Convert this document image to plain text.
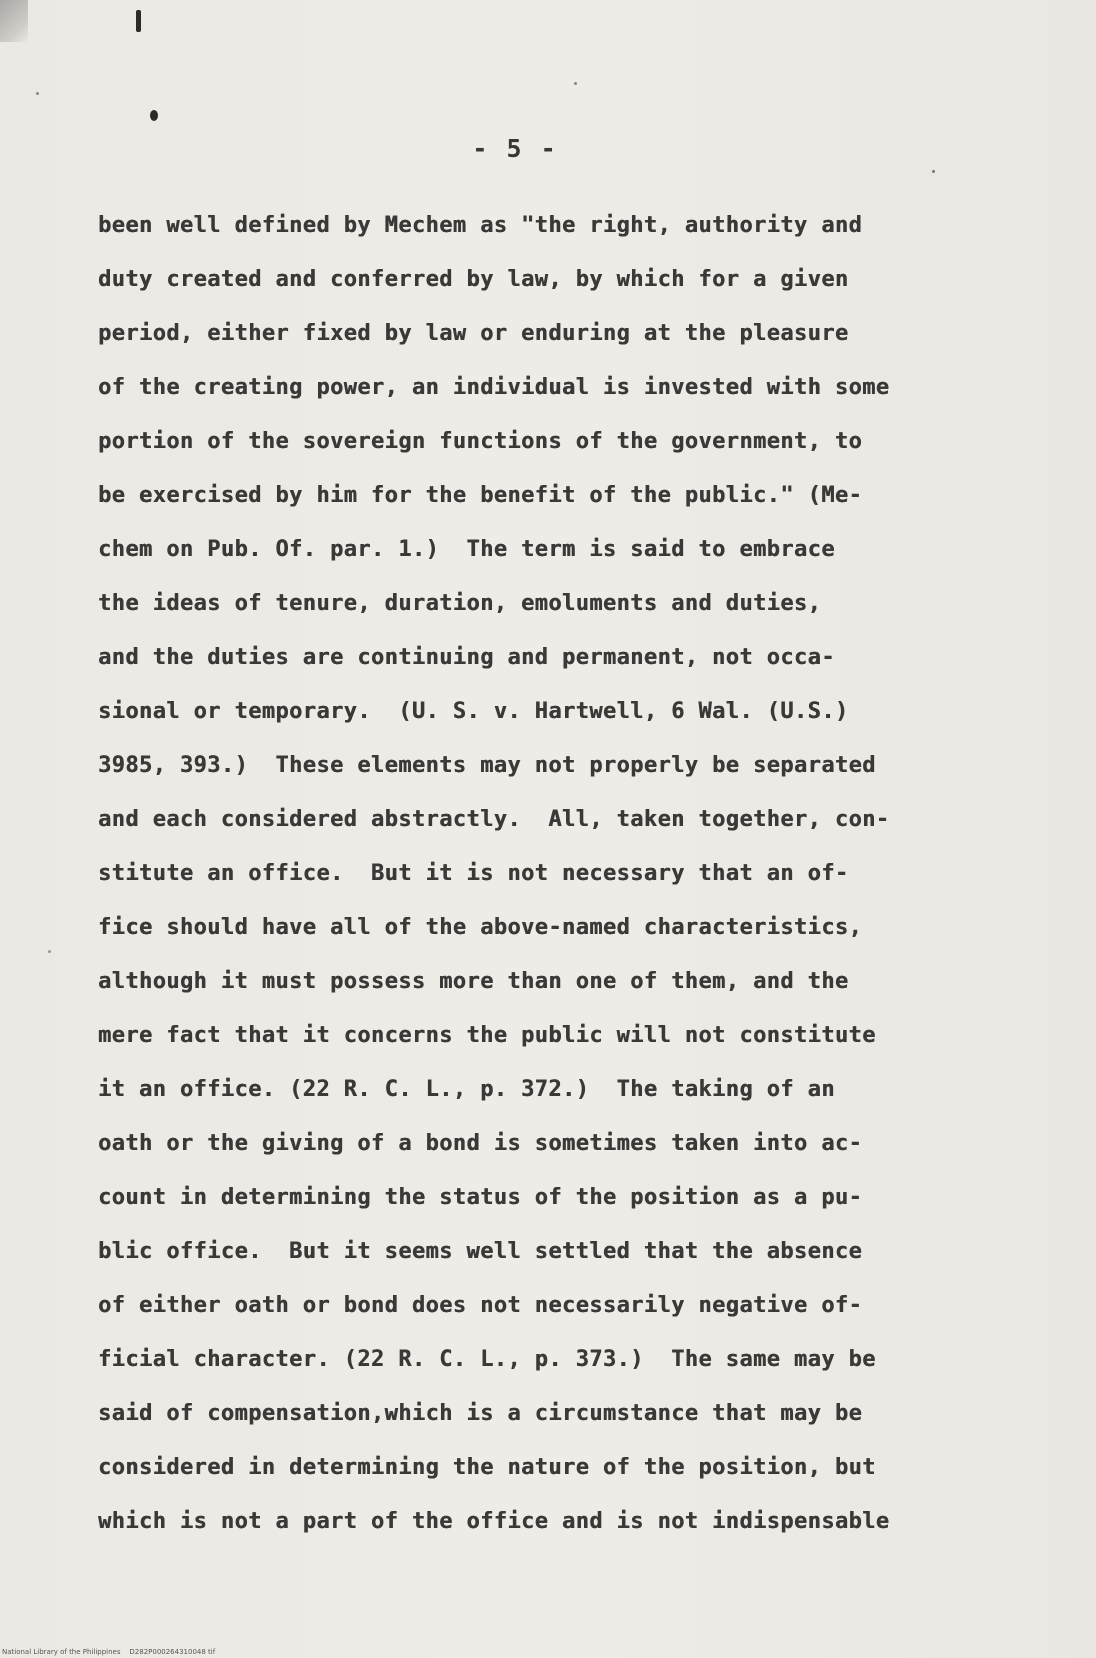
- 5 -
been well defined by Mechem as "the right, authority and
duty created and conferred by law, by which for a given
period, either fixed by law or enduring at the pleasure
of the creating power, an individual is invested with some
portion of the sovereign functions of the government, to
be exercised by him for the benefit of the public." (Me-
chem on Pub. Of. par. 1.)  The term is said to embrace
the ideas of tenure, duration, emoluments and duties,
and the duties are continuing and permanent, not occa-
sional or temporary.  (U. S. v. Hartwell, 6 Wal. (U.S.)
3985, 393.)  These elements may not properly be separated
and each considered abstractly.  All, taken together, con-
stitute an office.  But it is not necessary that an of-
fice should have all of the above-named characteristics,
although it must possess more than one of them, and the
mere fact that it concerns the public will not constitute
it an office. (22 R. C. L., p. 372.)  The taking of an
oath or the giving of a bond is sometimes taken into ac-
count in determining the status of the position as a pu-
blic office.  But it seems well settled that the absence
of either oath or bond does not necessarily negative of-
ficial character. (22 R. C. L., p. 373.)  The same may be
said of compensation,which is a circumstance that may be
considered in determining the nature of the position, but
which is not a part of the office and is not indispensable
National Library of the Philippines    D282P000264310048 tif
